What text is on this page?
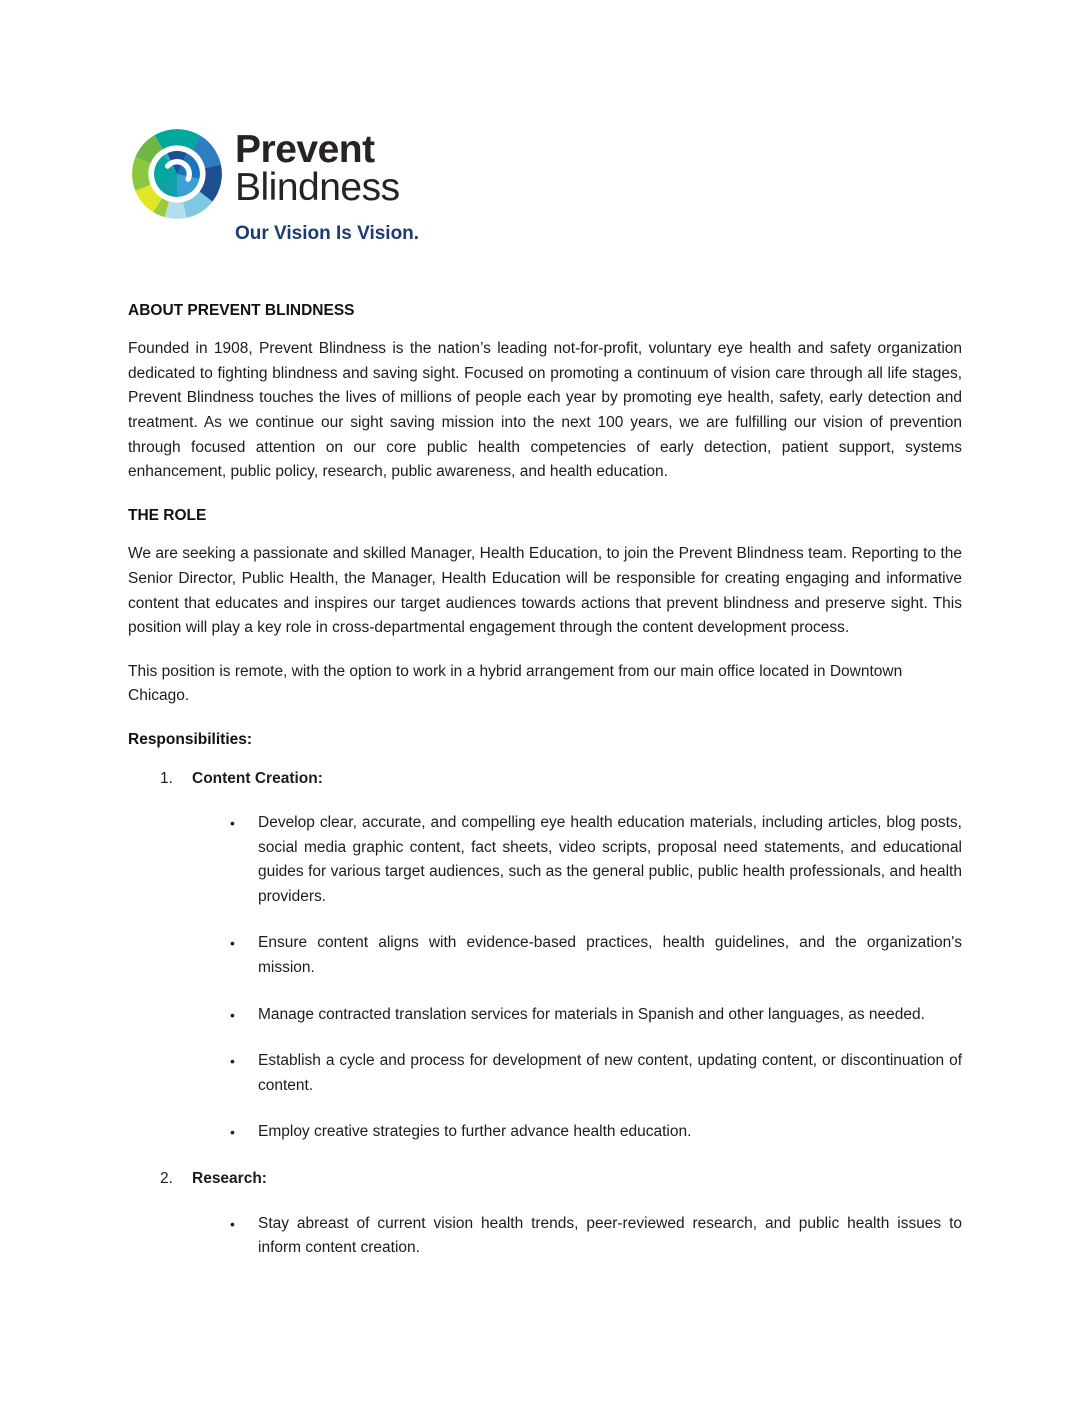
Prevent
Blindness
Our Vision Is Vision.
ABOUT PREVENT BLINDNESS

Founded in 1908, Prevent Blindness is the nation’s leading not-for-profit, voluntary eye health and safety organization dedicated to fighting blindness and saving sight. Focused on promoting a continuum of vision care through all life stages, Prevent Blindness touches the lives of millions of people each year by promoting eye health, safety, early detection and treatment. As we continue our sight saving mission into the next 100 years, we are fulfilling our vision of prevention through focused attention on our core public health competencies of early detection, patient support, systems enhancement, public policy, research, public awareness, and health education.

THE ROLE

We are seeking a passionate and skilled Manager, Health Education, to join the Prevent Blindness team. Reporting to the Senior Director, Public Health, the Manager, Health Education will be responsible for creating engaging and informative content that educates and inspires our target audiences towards actions that prevent blindness and preserve sight. This position will play a key role in cross-departmental engagement through the content development process.

This position is remote, with the option to work in a hybrid arrangement from our main office located in Downtown Chicago.

Responsibilities:
1.	Content Creation:
•	Develop clear, accurate, and compelling eye health education materials, including articles, blog posts, social media graphic content, fact sheets, video scripts, proposal need statements, and educational guides for various target audiences, such as the general public, public health professionals, and health providers.
•	Ensure content aligns with evidence-based practices, health guidelines, and the organization's mission.
•	Manage contracted translation services for materials in Spanish and other languages, as needed.
•	Establish a cycle and process for development of new content, updating content, or discontinuation of content.
•	Employ creative strategies to further advance health education.
2.	Research:
•	Stay abreast of current vision health trends, peer-reviewed research, and public health issues to inform content creation.
